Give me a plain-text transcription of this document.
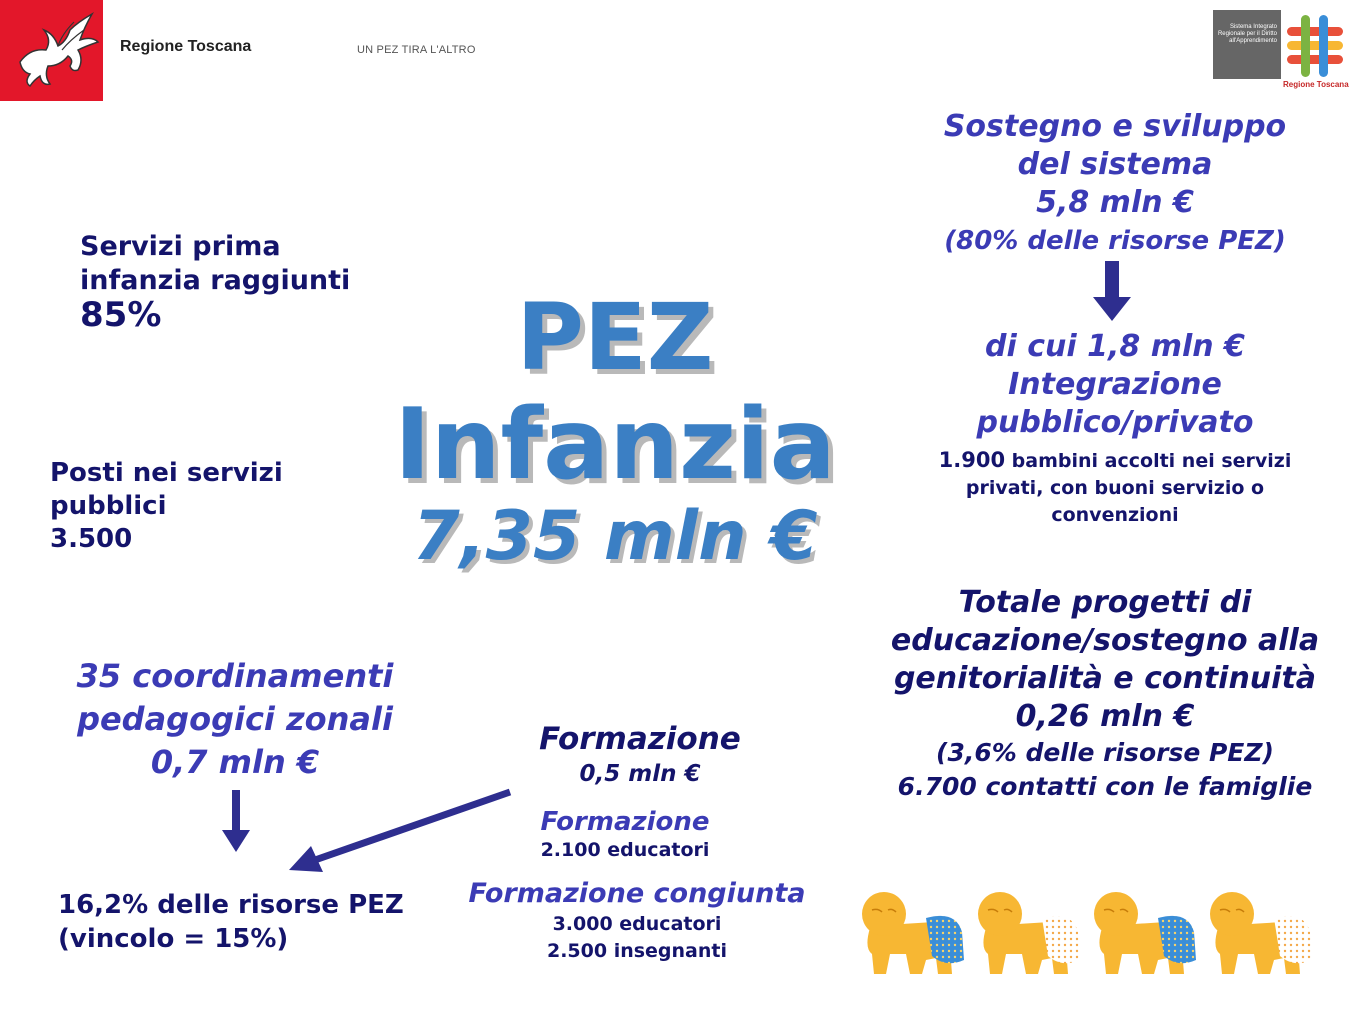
Regione Toscana	UN PEZ TIRA L'ALTRO
Sistema Integrato Regionale per il Diritto all'Apprendimento
Regione Toscana
PEZ
Infanzia
7,35 mln €
Servizi prima
infanzia raggiunti
85%
Posti nei servizi
pubblici
3.500
35 coordinamenti
pedagogici zonali
0,7 mln €
16,2% delle risorse PEZ
(vincolo = 15%)
Formazione
0,5 mln €
Formazione
2.100 educatori
Formazione congiunta
3.000 educatori
2.500 insegnanti
Sostegno e sviluppo
del sistema
5,8 mln €
(80% delle risorse PEZ)
di cui 1,8 mln €
Integrazione
pubblico/privato
1.900 bambini accolti nei servizi
privati, con buoni servizio o
convenzioni
Totale progetti di
educazione/sostegno alla
genitorialità e continuità
0,26 mln €
(3,6% delle risorse PEZ)
6.700 contatti con le famiglie
